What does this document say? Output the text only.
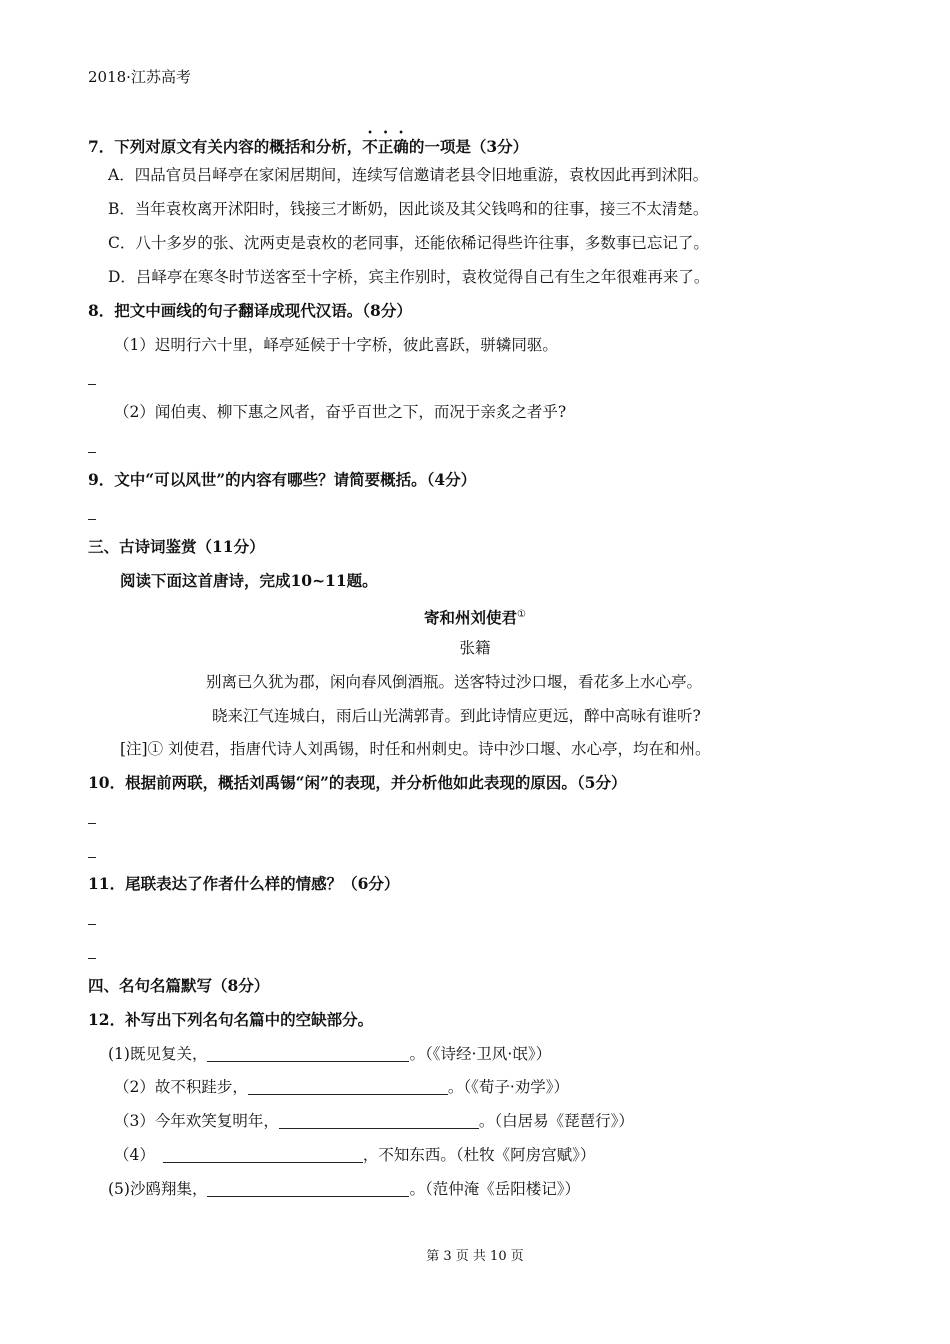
2018·江苏高考
7．下列对原文有关内容的概括和分析，不正确的一项是（3分）
A．四品官员吕峄亭在家闲居期间，连续写信邀请老县令旧地重游，袁枚因此再到沭阳。
B．当年袁枚离开沭阳时，钱接三才断奶，因此谈及其父钱鸣和的往事，接三不太清楚。
C．八十多岁的张、沈两吏是袁枚的老同事，还能依稀记得些许往事，多数事已忘记了。
D．吕峄亭在寒冬时节送客至十字桥，宾主作别时，袁枚觉得自己有生之年很难再来了。
8．把文中画线的句子翻译成现代汉语。（8分）
（1）迟明行六十里，峄亭延候于十字桥，彼此喜跃，骈辚同驱。
（2）闻伯夷、柳下惠之风者，奋乎百世之下，而况于亲炙之者乎?
9．文中“可以风世”的内容有哪些？请简要概括。（4分）
三、古诗词鉴赏（11分）
阅读下面这首唐诗，完成10~11题。
寄和州刘使君①
张籍
别离已久犹为郡，闲向春风倒酒瓶。送客特过沙口堰，看花多上水心亭。
晓来江气连城白，雨后山光满郭青。到此诗情应更远，醉中高咏有谁听?
[注]① 刘使君，指唐代诗人刘禹锡，时任和州刺史。诗中沙口堰、水心亭，均在和州。
10．根据前两联，概括刘禹锡“闲”的表现，并分析他如此表现的原因。（5分）
11．尾联表达了作者什么样的情感？（6分）
四、名句名篇默写（8分）
12．补写出下列名句名篇中的空缺部分。
(1)既见复关，	。（《诗经·卫风·氓》）
（2）故不积跬步，	。（《荀子·劝学》）
（3）今年欢笑复明年，	。（白居易《琵琶行》）
（4）	，不知东西。（杜牧《阿房宫赋》）
(5)沙鸥翔集，	。（范仲淹《岳阳楼记》）
第 3 页 共 10 页
